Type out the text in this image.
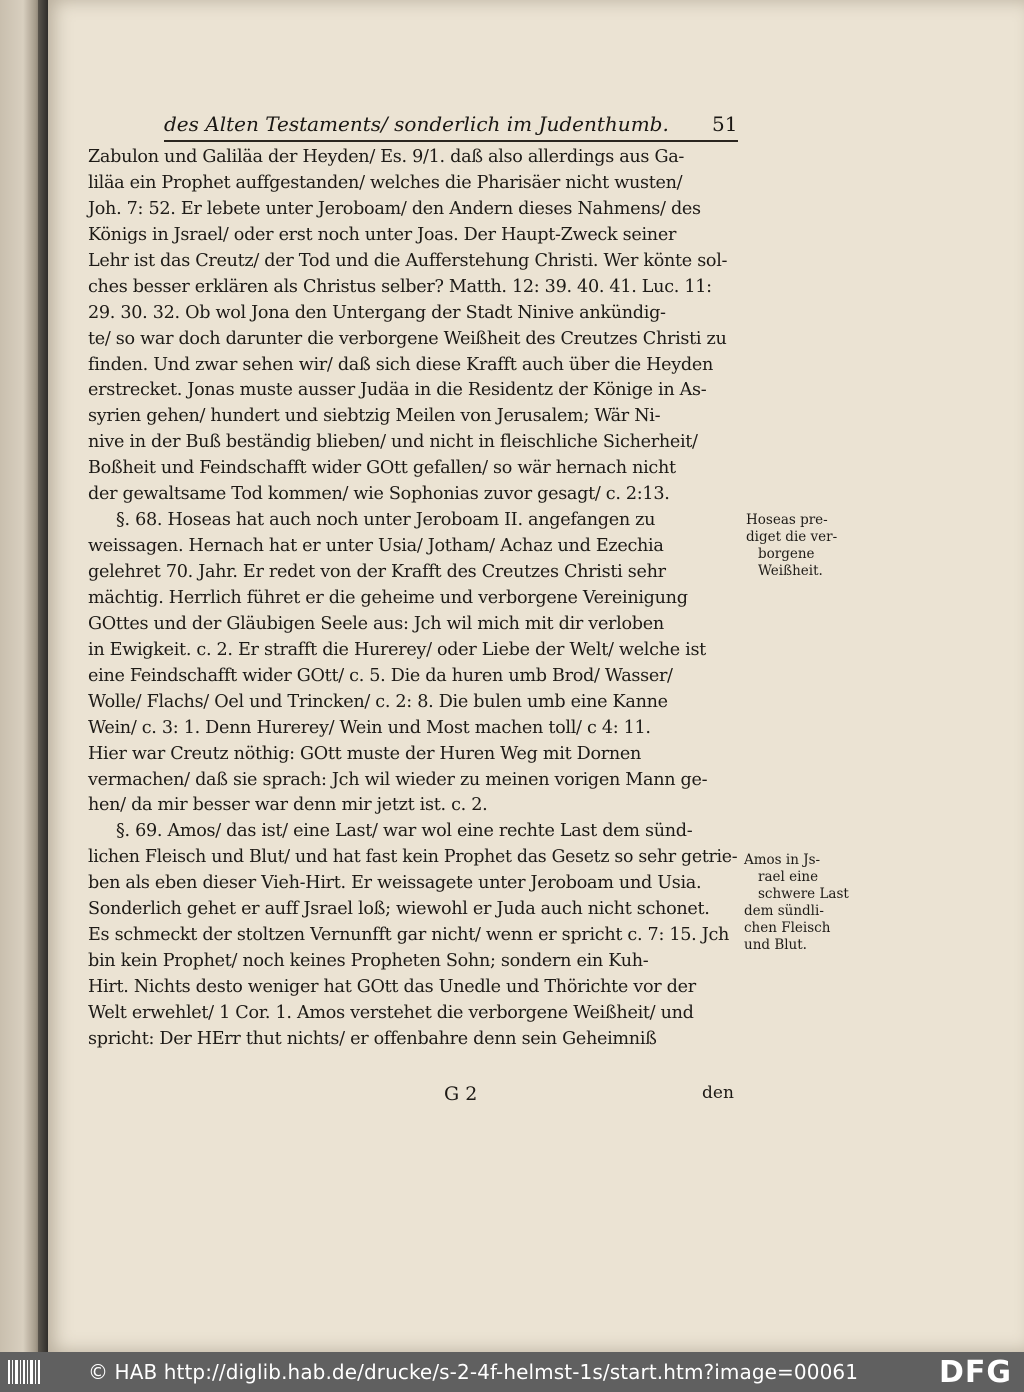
des Alten Testaments/ sonderlich im Judenthumb.	51
Zabulon und Galiläa der Heyden/ Es. 9/1. daß also allerdings aus Ga-
liläa ein Prophet auffgestanden/ welches die Pharisäer nicht wusten/
Joh. 7: 52. Er lebete unter Jeroboam/ den Andern dieses Nahmens/ des
Königs in Jsrael/ oder erst noch unter Joas. Der Haupt-Zweck seiner
Lehr ist das Creutz/ der Tod und die Aufferstehung Christi. Wer könte sol-
ches besser erklären als Christus selber? Matth. 12: 39. 40. 41. Luc. 11:
29. 30. 32. Ob wol Jona den Untergang der Stadt Ninive ankündig-
te/ so war doch darunter die verborgene Weißheit des Creutzes Christi zu
finden. Und zwar sehen wir/ daß sich diese Krafft auch über die Heyden
erstrecket. Jonas muste ausser Judäa in die Residentz der Könige in As-
syrien gehen/ hundert und siebtzig Meilen von Jerusalem; Wär Ni-
nive in der Buß beständig blieben/ und nicht in fleischliche Sicherheit/
Boßheit und Feindschafft wider GOtt gefallen/ so wär hernach nicht
der gewaltsame Tod kommen/ wie Sophonias zuvor gesagt/ c. 2:13.
§. 68. Hoseas hat auch noch unter Jeroboam II. angefangen zu
weissagen. Hernach hat er unter Usia/ Jotham/ Achaz und Ezechia
gelehret 70. Jahr. Er redet von der Krafft des Creutzes Christi sehr
mächtig. Herrlich führet er die geheime und verborgene Vereinigung
GOttes und der Gläubigen Seele aus: Jch wil mich mit dir verloben
in Ewigkeit. c. 2. Er strafft die Hurerey/ oder Liebe der Welt/ welche ist
eine Feindschafft wider GOtt/ c. 5. Die da huren umb Brod/ Wasser/
Wolle/ Flachs/ Oel und Trincken/ c. 2: 8. Die bulen umb eine Kanne
Wein/ c. 3: 1. Denn Hurerey/ Wein und Most machen toll/ c 4: 11.
Hier war Creutz nöthig: GOtt muste der Huren Weg mit Dornen
vermachen/ daß sie sprach: Jch wil wieder zu meinen vorigen Mann ge-
hen/ da mir besser war denn mir jetzt ist. c. 2.
§. 69. Amos/ das ist/ eine Last/ war wol eine rechte Last dem sünd-
lichen Fleisch und Blut/ und hat fast kein Prophet das Gesetz so sehr getrie-
ben als eben dieser Vieh-Hirt. Er weissagete unter Jeroboam und Usia.
Sonderlich gehet er auff Jsrael loß; wiewohl er Juda auch nicht schonet.
Es schmeckt der stoltzen Vernunfft gar nicht/ wenn er spricht c. 7: 15. Jch
bin kein Prophet/ noch keines Propheten Sohn; sondern ein Kuh-
Hirt. Nichts desto weniger hat GOtt das Unedle und Thörichte vor der
Welt erwehlet/ 1 Cor. 1. Amos verstehet die verborgene Weißheit/ und
spricht: Der HErr thut nichts/ er offenbahre denn sein Geheimniß
Hoseas pre-
diget die ver-
borgene
Weißheit.
Amos in Js-
rael eine
schwere Last
dem sündli-
chen Fleisch
und Blut.
G 2	den
© HAB http://diglib.hab.de/drucke/s-2-4f-helmst-1s/start.htm?image=00061	DFG
